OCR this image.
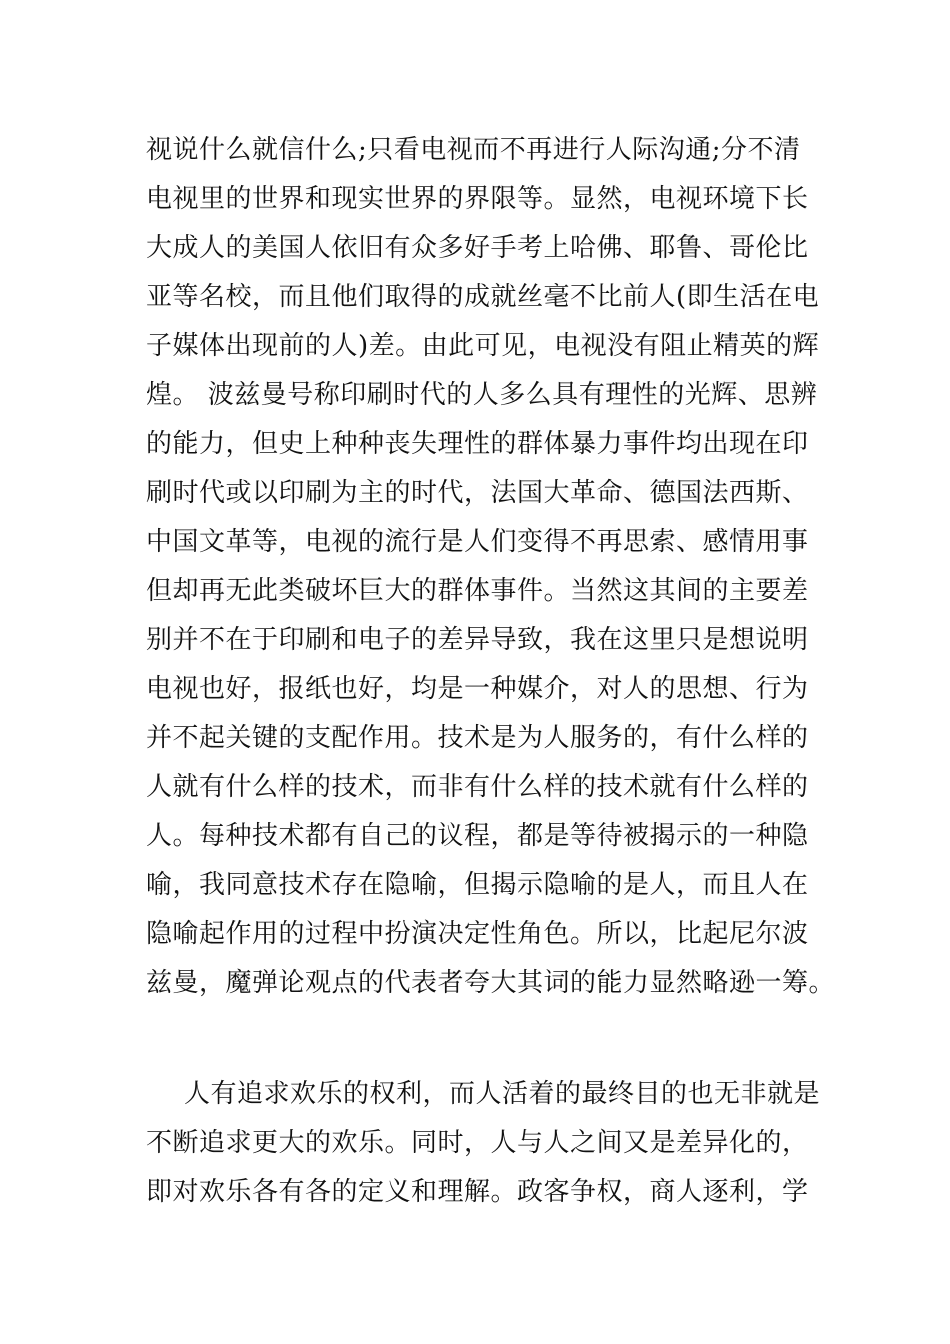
视说什么就信什么;只看电视而不再进行人际沟通;分不清
电视里的世界和现实世界的界限等。显然，电视环境下长
大成人的美国人依旧有众多好手考上哈佛、耶鲁、哥伦比
亚等名校，而且他们取得的成就丝毫不比前人(即生活在电
子媒体出现前的人)差。由此可见，电视没有阻止精英的辉
煌。 波兹曼号称印刷时代的人多么具有理性的光辉、思辨
的能力，但史上种种丧失理性的群体暴力事件均出现在印
刷时代或以印刷为主的时代，法国大革命、德国法西斯、
中国文革等，电视的流行是人们变得不再思索、感情用事
但却再无此类破坏巨大的群体事件。当然这其间的主要差
别并不在于印刷和电子的差异导致，我在这里只是想说明
电视也好，报纸也好，均是一种媒介，对人的思想、行为
并不起关键的支配作用。技术是为人服务的，有什么样的
人就有什么样的技术，而非有什么样的技术就有什么样的
人。每种技术都有自己的议程，都是等待被揭示的一种隐
喻，我同意技术存在隐喻，但揭示隐喻的是人，而且人在
隐喻起作用的过程中扮演决定性角色。所以，比起尼尔波
兹曼，魔弹论观点的代表者夸大其词的能力显然略逊一筹。
人有追求欢乐的权利，而人活着的最终目的也无非就是
不断追求更大的欢乐。同时，人与人之间又是差异化的，
即对欢乐各有各的定义和理解。政客争权，商人逐利，学
